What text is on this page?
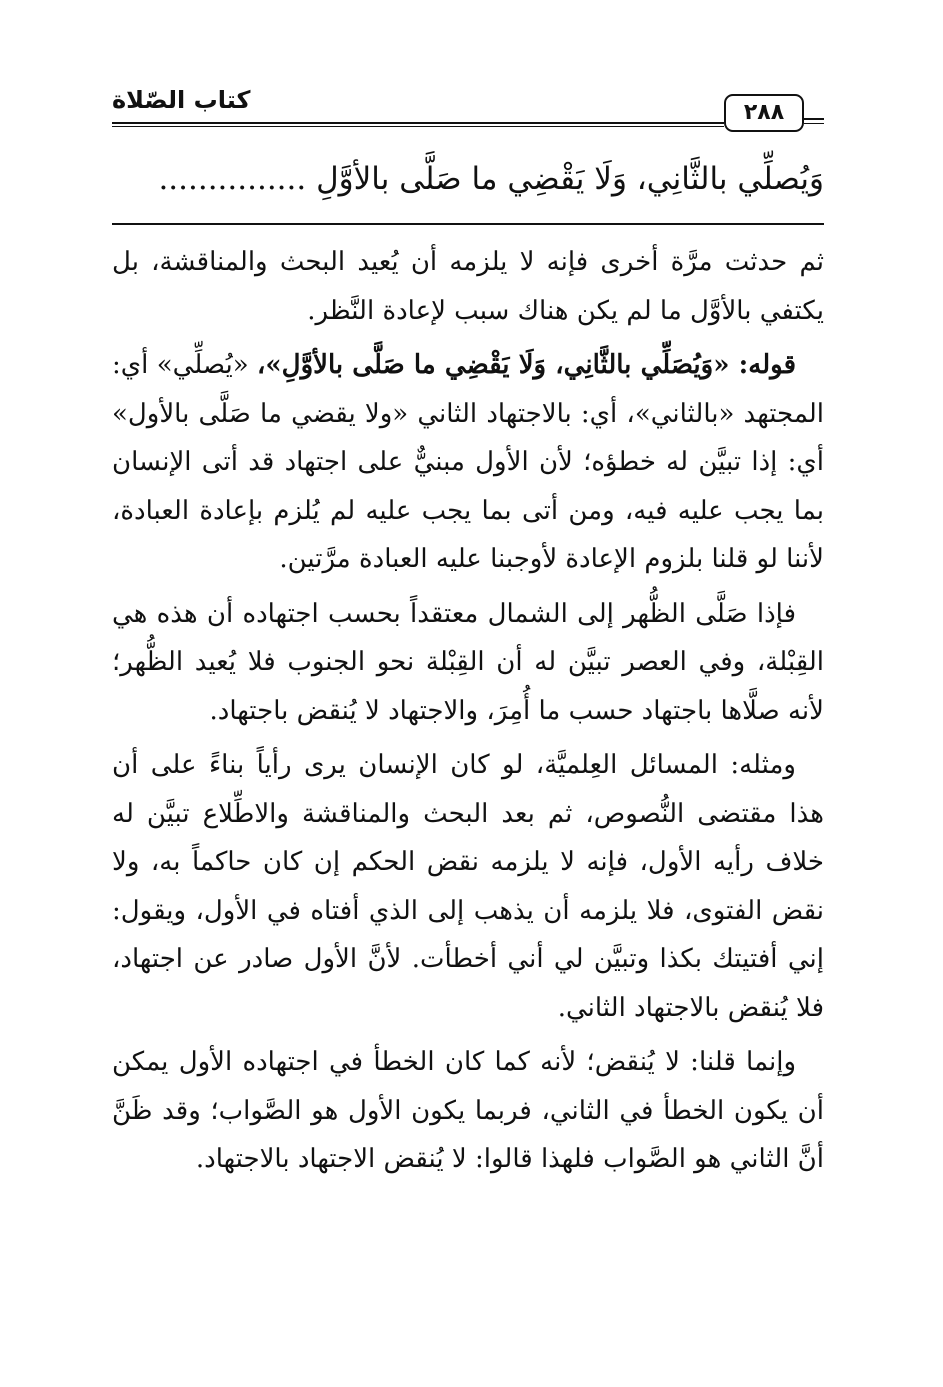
كتاب الصّلاة	٢٨٨
وَيُصلِّي بالثَّانِي، وَلَا يَقْضِي ما صَلَّى بالأوَّلِ ...............

ثم حدثت مرَّة أخرى فإنه لا يلزمه أن يُعيد البحث والمناقشة، بل يكتفي بالأوَّل ما لم يكن هناك سبب لإعادة النَّظر.

قوله: «وَيُصَلِّي بالثَّانِي، وَلَا يَقْضِي ما صَلَّى بالأوَّلِ»، «يُصلِّي» أي: المجتهد «بالثاني»، أي: بالاجتهاد الثاني «ولا يقضي ما صَلَّى بالأول» أي: إذا تبيَّن له خطؤه؛ لأن الأول مبنيٌّ على اجتهاد قد أتى الإنسان بما يجب عليه فيه، ومن أتى بما يجب عليه لم يُلزم بإعادة العبادة، لأننا لو قلنا بلزوم الإعادة لأوجبنا عليه العبادة مرَّتين.

فإذا صَلَّى الظُّهر إلى الشمال معتقداً بحسب اجتهاده أن هذه هي القِبْلة، وفي العصر تبيَّن له أن القِبْلة نحو الجنوب فلا يُعيد الظُّهر؛ لأنه صلَّاها باجتهاد حسب ما أُمِرَ، والاجتهاد لا يُنقض باجتهاد.

ومثله: المسائل العِلميَّة، لو كان الإنسان يرى رأياً بناءً على أن هذا مقتضى النُّصوص، ثم بعد البحث والمناقشة والاطِّلاع تبيَّن له خلاف رأيه الأول، فإنه لا يلزمه نقض الحكم إن كان حاكماً به، ولا نقض الفتوى، فلا يلزمه أن يذهب إلى الذي أفتاه في الأول، ويقول: إني أفتيتك بكذا وتبيَّن لي أني أخطأت. لأنَّ الأول صادر عن اجتهاد، فلا يُنقض بالاجتهاد الثاني.

وإنما قلنا: لا يُنقض؛ لأنه كما كان الخطأ في اجتهاده الأول يمكن أن يكون الخطأ في الثاني، فربما يكون الأول هو الصَّواب؛ وقد ظَنَّ أنَّ الثاني هو الصَّواب فلهذا قالوا: لا يُنقض الاجتهاد بالاجتهاد.
